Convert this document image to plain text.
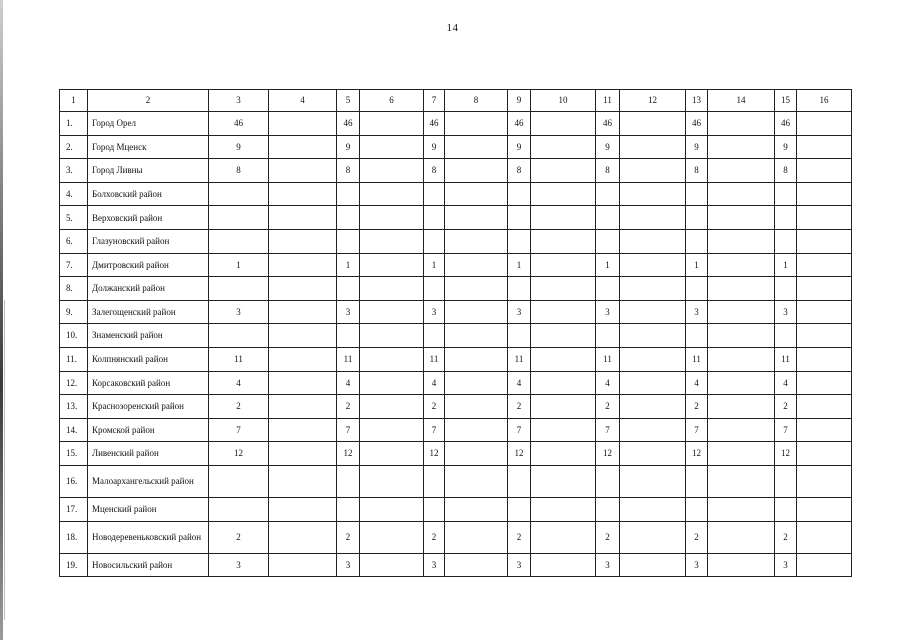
14
1	2	3	4	5	6	7	8	9	10	11	12	13	14	15	16
1.	Город Орел	46		46		46		46		46		46		46	
2.	Город Мценск	9		9		9		9		9		9		9	
3.	Город Ливны	8		8		8		8		8		8		8	
4.	Болховский район														
5.	Верховский район														
6.	Глазуновский район														
7.	Дмитровский район	1		1		1		1		1		1		1	
8.	Должанский район														
9.	Залегощенский район	3		3		3		3		3		3		3	
10.	Знаменский район														
11.	Колпнянский район	11		11		11		11		11		11		11	
12.	Корсаковский район	4		4		4		4		4		4		4	
13.	Краснозоренский район	2		2		2		2		2		2		2	
14.	Кромской район	7		7		7		7		7		7		7	
15.	Ливенский район	12		12		12		12		12		12		12	
16.	Малоархангельский район														
17.	Мценский район														
18.	Новодеревеньковский район	2		2		2		2		2		2		2	
19.	Новосильский район	3		3		3		3		3		3		3	
